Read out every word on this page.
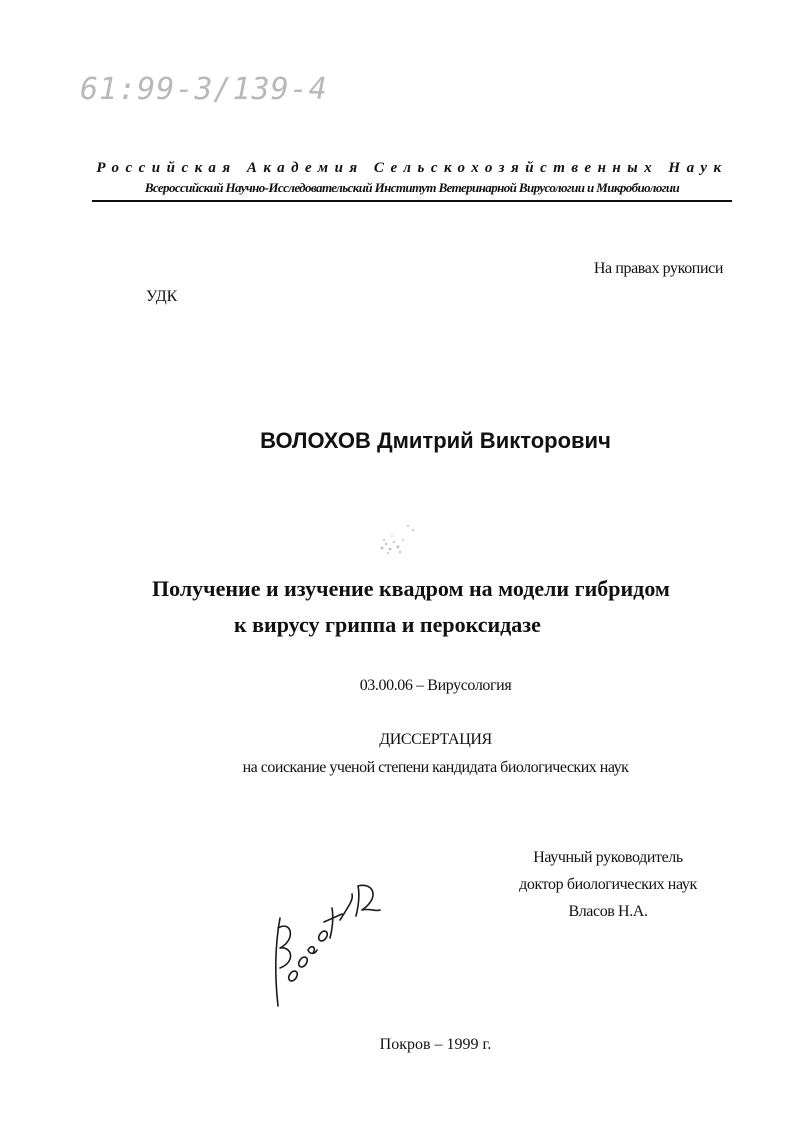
61:99-3/139-4
Российская Академия Сельскохозяйственных Наук
Всероссийский Научно-Исследовательский Институт Ветеринарной Вирусологии и Микробиологии
На правах рукописи
УДК
ВОЛОХОВ Дмитрий Викторович
Получение и изучение квадром на модели гибридом
к вирусу гриппа и пероксидазе
03.00.06 – Вирусология
ДИССЕРТАЦИЯ
на соискание ученой степени кандидата биологических наук
Научный руководитель
доктор биологических наук
Власов Н.А.
Покров – 1999 г.
